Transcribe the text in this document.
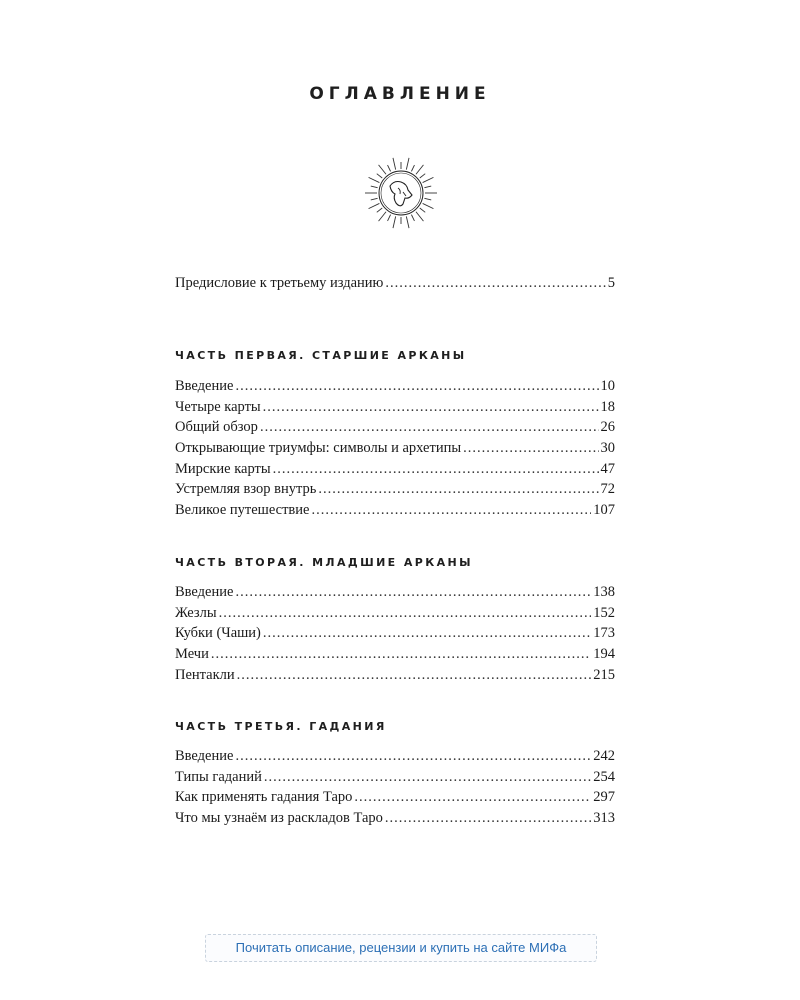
ОГЛАВЛЕНИЕ
Предисловие к третьему изданию .....	5
ЧАСТЬ ПЕРВАЯ. СТАРШИЕ АРКАНЫ
Введение .....	10
Четыре карты .....	18
Общий обзор .....	26
Открывающие триумфы: символы и архетипы .....	30
Мирские карты .....	47
Устремляя взор внутрь .....	72
Великое путешествие .....	107
ЧАСТЬ ВТОРАЯ. МЛАДШИЕ АРКАНЫ
Введение .....	138
Жезлы .....	152
Кубки (Чаши) .....	173
Мечи .....	194
Пентакли .....	215
ЧАСТЬ ТРЕТЬЯ. ГАДАНИЯ
Введение .....	242
Типы гаданий .....	254
Как применять гадания Таро .....	297
Что мы узнаём из раскладов Таро .....	313
Почитать описание, рецензии и купить на сайте МИФа
